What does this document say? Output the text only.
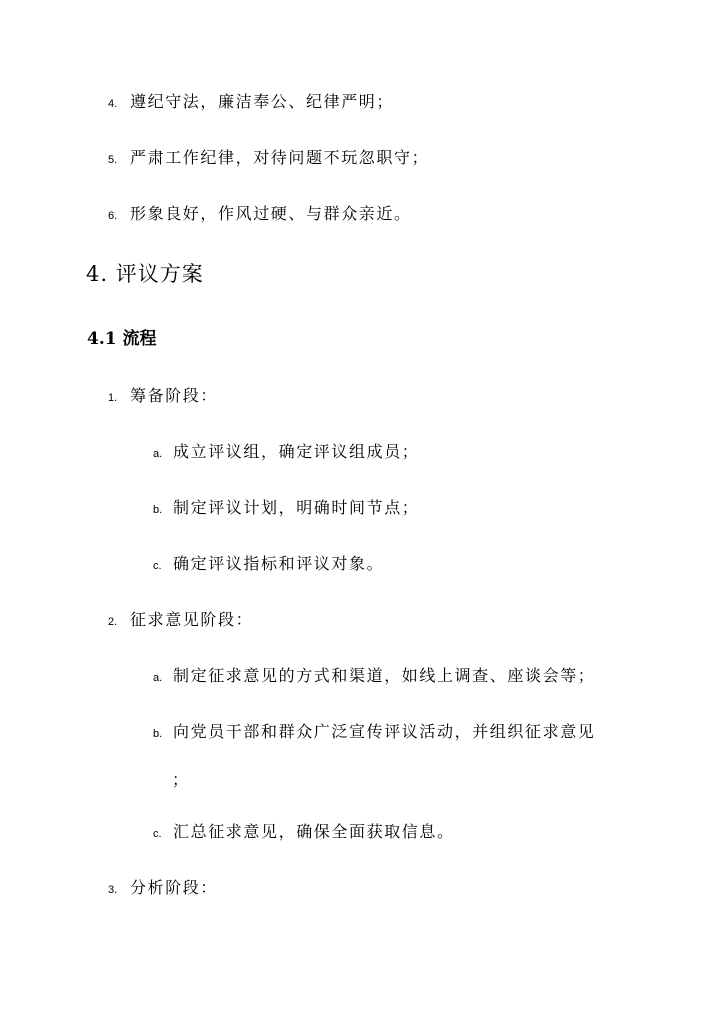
4. 遵纪守法，廉洁奉公、纪律严明；
5. 严肃工作纪律，对待问题不玩忽职守；
6. 形象良好，作风过硬、与群众亲近。
4. 评议方案
4.1 流程
1. 筹备阶段：
a. 成立评议组，确定评议组成员；
b. 制定评议计划，明确时间节点；
c. 确定评议指标和评议对象。
2. 征求意见阶段：
a. 制定征求意见的方式和渠道，如线上调查、座谈会等；
b. 向党员干部和群众广泛宣传评议活动，并组织征求意见
；
c. 汇总征求意见，确保全面获取信息。
3. 分析阶段：
